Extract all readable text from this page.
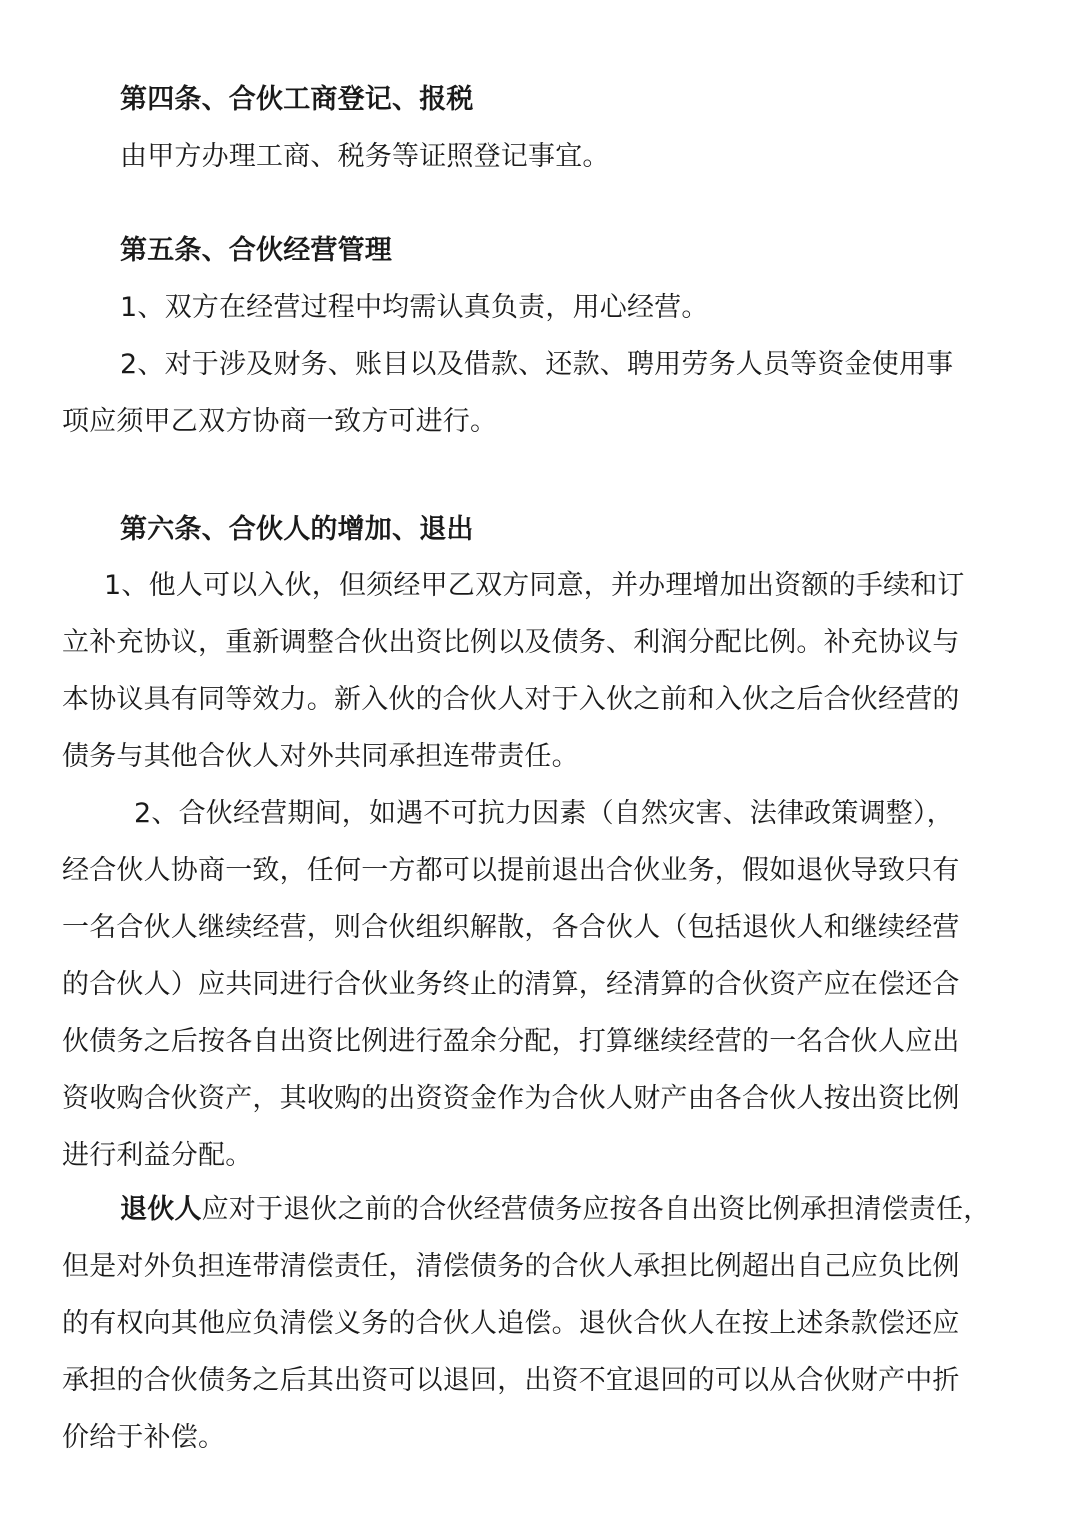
第四条、合伙工商登记、报税
由甲方办理工商、税务等证照登记事宜。
第五条、合伙经营管理
1、双方在经营过程中均需认真负责，用心经营。
2、对于涉及财务、账目以及借款、还款、聘用劳务人员等资金使用事
项应须甲乙双方协商一致方可进行。
第六条、合伙人的增加、退出
1、他人可以入伙，但须经甲乙双方同意，并办理增加出资额的手续和订
立补充协议，重新调整合伙出资比例以及债务、利润分配比例。补充协议与
本协议具有同等效力。新入伙的合伙人对于入伙之前和入伙之后合伙经营的
债务与其他合伙人对外共同承担连带责任。
2、合伙经营期间，如遇不可抗力因素（自然灾害、法律政策调整），
经合伙人协商一致，任何一方都可以提前退出合伙业务，假如退伙导致只有
一名合伙人继续经营，则合伙组织解散，各合伙人（包括退伙人和继续经营
的合伙人）应共同进行合伙业务终止的清算，经清算的合伙资产应在偿还合
伙债务之后按各自出资比例进行盈余分配，打算继续经营的一名合伙人应出
资收购合伙资产，其收购的出资资金作为合伙人财产由各合伙人按出资比例
进行利益分配。
退伙人应对于退伙之前的合伙经营债务应按各自出资比例承担清偿责任，
但是对外负担连带清偿责任，清偿债务的合伙人承担比例超出自己应负比例
的有权向其他应负清偿义务的合伙人追偿。退伙合伙人在按上述条款偿还应
承担的合伙债务之后其出资可以退回，出资不宜退回的可以从合伙财产中折
价给于补偿。
